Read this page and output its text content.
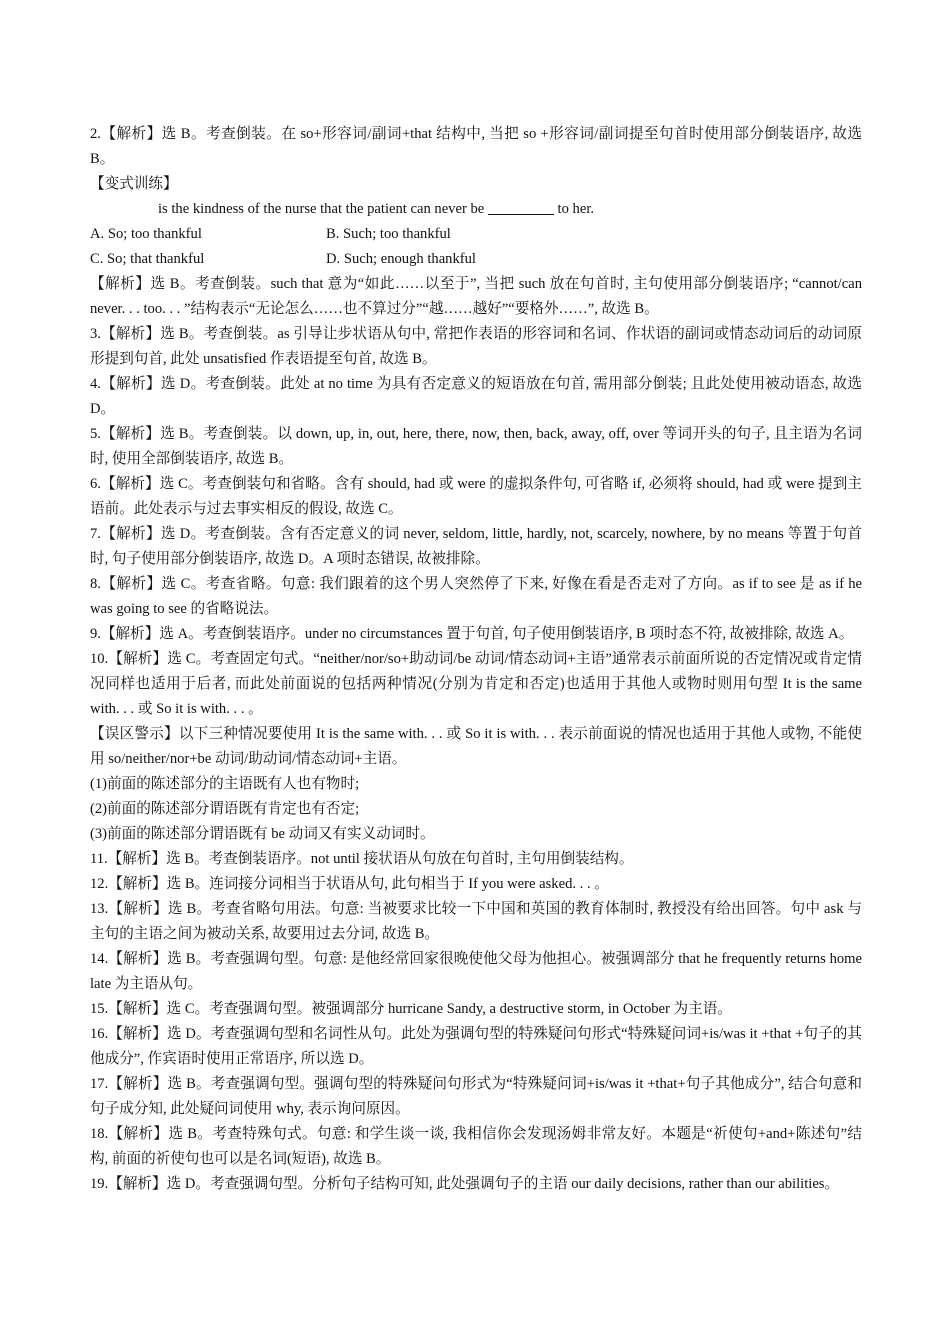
2.【解析】选 B。考查倒装。在 so+形容词/副词+that 结构中, 当把 so +形容词/副词提至句首时使用部分倒装语序, 故选 B。

【变式训练】

is the kindness of the nurse that the patient can never be	to her.

A. So; too thankful	B. Such; too thankful
C. So; that thankful	D. Such; enough thankful

【解析】选 B。考查倒装。such that 意为“如此……以至于”, 当把 such 放在句首时, 主句使用部分倒装语序; “cannot/can never. . . too. . . ”结构表示“无论怎么……也不算过分”“越……越好”“要格外……”, 故选 B。

3.【解析】选 B。考查倒装。as 引导让步状语从句中, 常把作表语的形容词和名词、作状语的副词或情态动词后的动词原形提到句首, 此处 unsatisfied 作表语提至句首, 故选 B。

4.【解析】选 D。考查倒装。此处 at no time 为具有否定意义的短语放在句首, 需用部分倒装; 且此处使用被动语态, 故选 D。

5.【解析】选 B。考查倒装。以 down, up, in, out, here, there, now, then, back, away, off, over 等词开头的句子, 且主语为名词时, 使用全部倒装语序, 故选 B。

6.【解析】选 C。考查倒装句和省略。含有 should, had 或 were 的虚拟条件句, 可省略 if, 必须将 should, had 或 were 提到主语前。此处表示与过去事实相反的假设, 故选 C。

7.【解析】选 D。考查倒装。含有否定意义的词 never, seldom, little, hardly, not, scarcely, nowhere, by no means 等置于句首时, 句子使用部分倒装语序, 故选 D。A 项时态错误, 故被排除。

8.【解析】选 C。考查省略。句意: 我们跟着的这个男人突然停了下来, 好像在看是否走对了方向。as if to see 是 as if he was going to see 的省略说法。

9.【解析】选 A。考查倒装语序。under no circumstances 置于句首, 句子使用倒装语序, B 项时态不符, 故被排除, 故选 A。

10.【解析】选 C。考查固定句式。“neither/nor/so+助动词/be 动词/情态动词+主语”通常表示前面所说的否定情况或肯定情况同样也适用于后者, 而此处前面说的包括两种情况(分别为肯定和否定)也适用于其他人或物时则用句型 It is the same with. . . 或 So it is with. . . 。

【误区警示】以下三种情况要使用 It is the same with. . . 或 So it is with. . . 表示前面说的情况也适用于其他人或物, 不能使用 so/neither/nor+be 动词/助动词/情态动词+主语。

(1)前面的陈述部分的主语既有人也有物时;

(2)前面的陈述部分谓语既有肯定也有否定;

(3)前面的陈述部分谓语既有 be 动词又有实义动词时。

11.【解析】选 B。考查倒装语序。not until 接状语从句放在句首时, 主句用倒装结构。

12.【解析】选 B。连词接分词相当于状语从句, 此句相当于 If you were asked. . . 。

13.【解析】选 B。考查省略句用法。句意: 当被要求比较一下中国和英国的教育体制时, 教授没有给出回答。句中 ask 与主句的主语之间为被动关系, 故要用过去分词, 故选 B。

14.【解析】选 B。考查强调句型。句意: 是他经常回家很晚使他父母为他担心。被强调部分 that he frequently returns home late 为主语从句。

15.【解析】选 C。考查强调句型。被强调部分 hurricane Sandy, a destructive storm, in October 为主语。

16.【解析】选 D。考查强调句型和名词性从句。此处为强调句型的特殊疑问句形式“特殊疑问词+is/was it +that +句子的其他成分”, 作宾语时使用正常语序, 所以选 D。

17.【解析】选 B。考查强调句型。强调句型的特殊疑问句形式为“特殊疑问词+is/was it +that+句子其他成分”, 结合句意和句子成分知, 此处疑问词使用 why, 表示询问原因。

18.【解析】选 B。考查特殊句式。句意: 和学生谈一谈, 我相信你会发现汤姆非常友好。本题是“祈使句+and+陈述句”结构, 前面的祈使句也可以是名词(短语), 故选 B。

19.【解析】选 D。考查强调句型。分析句子结构可知, 此处强调句子的主语 our daily decisions, rather than our abilities。
